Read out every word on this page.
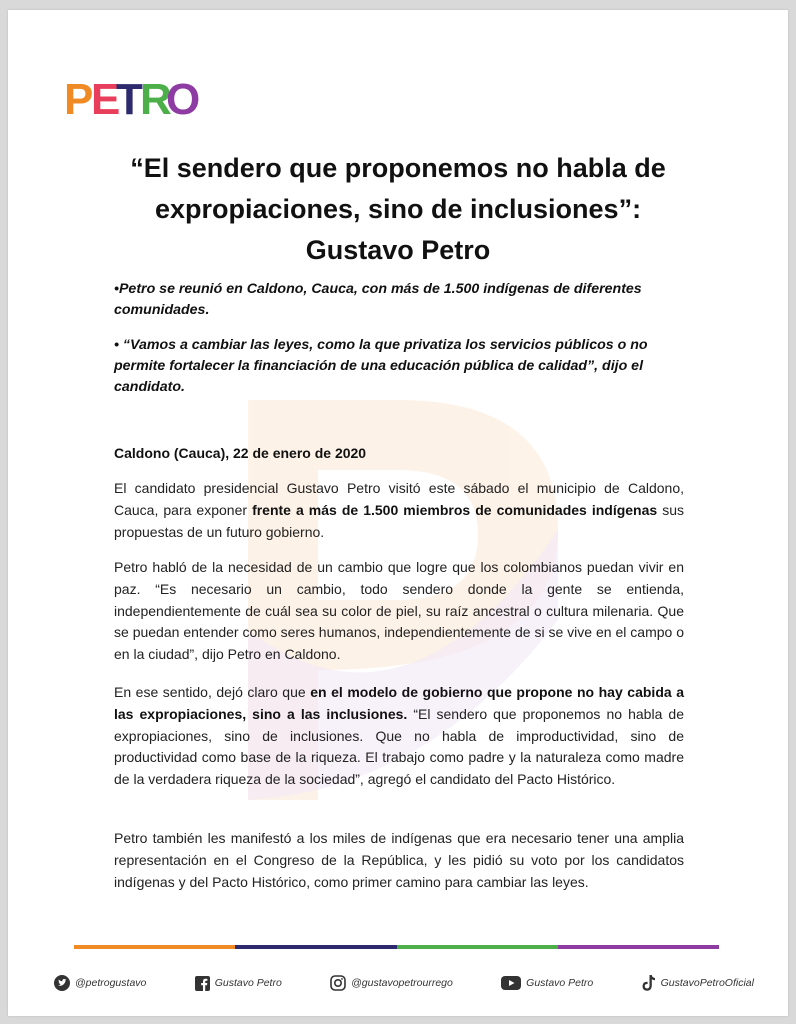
P
E
T
R
O
“El sendero que proponemos no habla de
expropiaciones, sino de inclusiones”:
Gustavo Petro
•Petro se reunió en Caldono, Cauca, con más de 1.500 indígenas de diferentes comunidades.
• “Vamos a cambiar las leyes, como la que privatiza los servicios públicos o no permite fortalecer la financiación de una educación pública de calidad”, dijo el candidato.
Caldono (Cauca), 22 de enero de 2020
El candidato presidencial Gustavo Petro visitó este sábado el municipio de Caldono, Cauca, para exponer frente a más de 1.500 miembros de comunidades indígenas sus propuestas de un futuro gobierno.
Petro habló de la necesidad de un cambio que logre que los colombianos puedan vivir en paz. “Es necesario un cambio, todo sendero donde la gente se entienda, independientemente de cuál sea su color de piel, su raíz ancestral o cultura milenaria. Que se puedan entender como seres humanos, independientemente de si se vive en el campo o en la ciudad”, dijo Petro en Caldono.
En ese sentido, dejó claro que en el modelo de gobierno que propone no hay cabida a las expropiaciones, sino a las inclusiones. “El sendero que proponemos no habla de expropiaciones, sino de inclusiones. Que no habla de improductividad, sino de productividad como base de la riqueza. El trabajo como padre y la naturaleza como madre de la verdadera riqueza de la sociedad”, agregó el candidato del Pacto Histórico.
Petro también les manifestó a los miles de indígenas que era necesario tener una amplia representación en el Congreso de la República, y les pidió su voto por los candidatos indígenas y del Pacto Histórico, como primer camino para cambiar las leyes.
@petrogustavo	Gustavo Petro	@gustavopetrourrego	Gustavo Petro	GustavoPetroOficial
